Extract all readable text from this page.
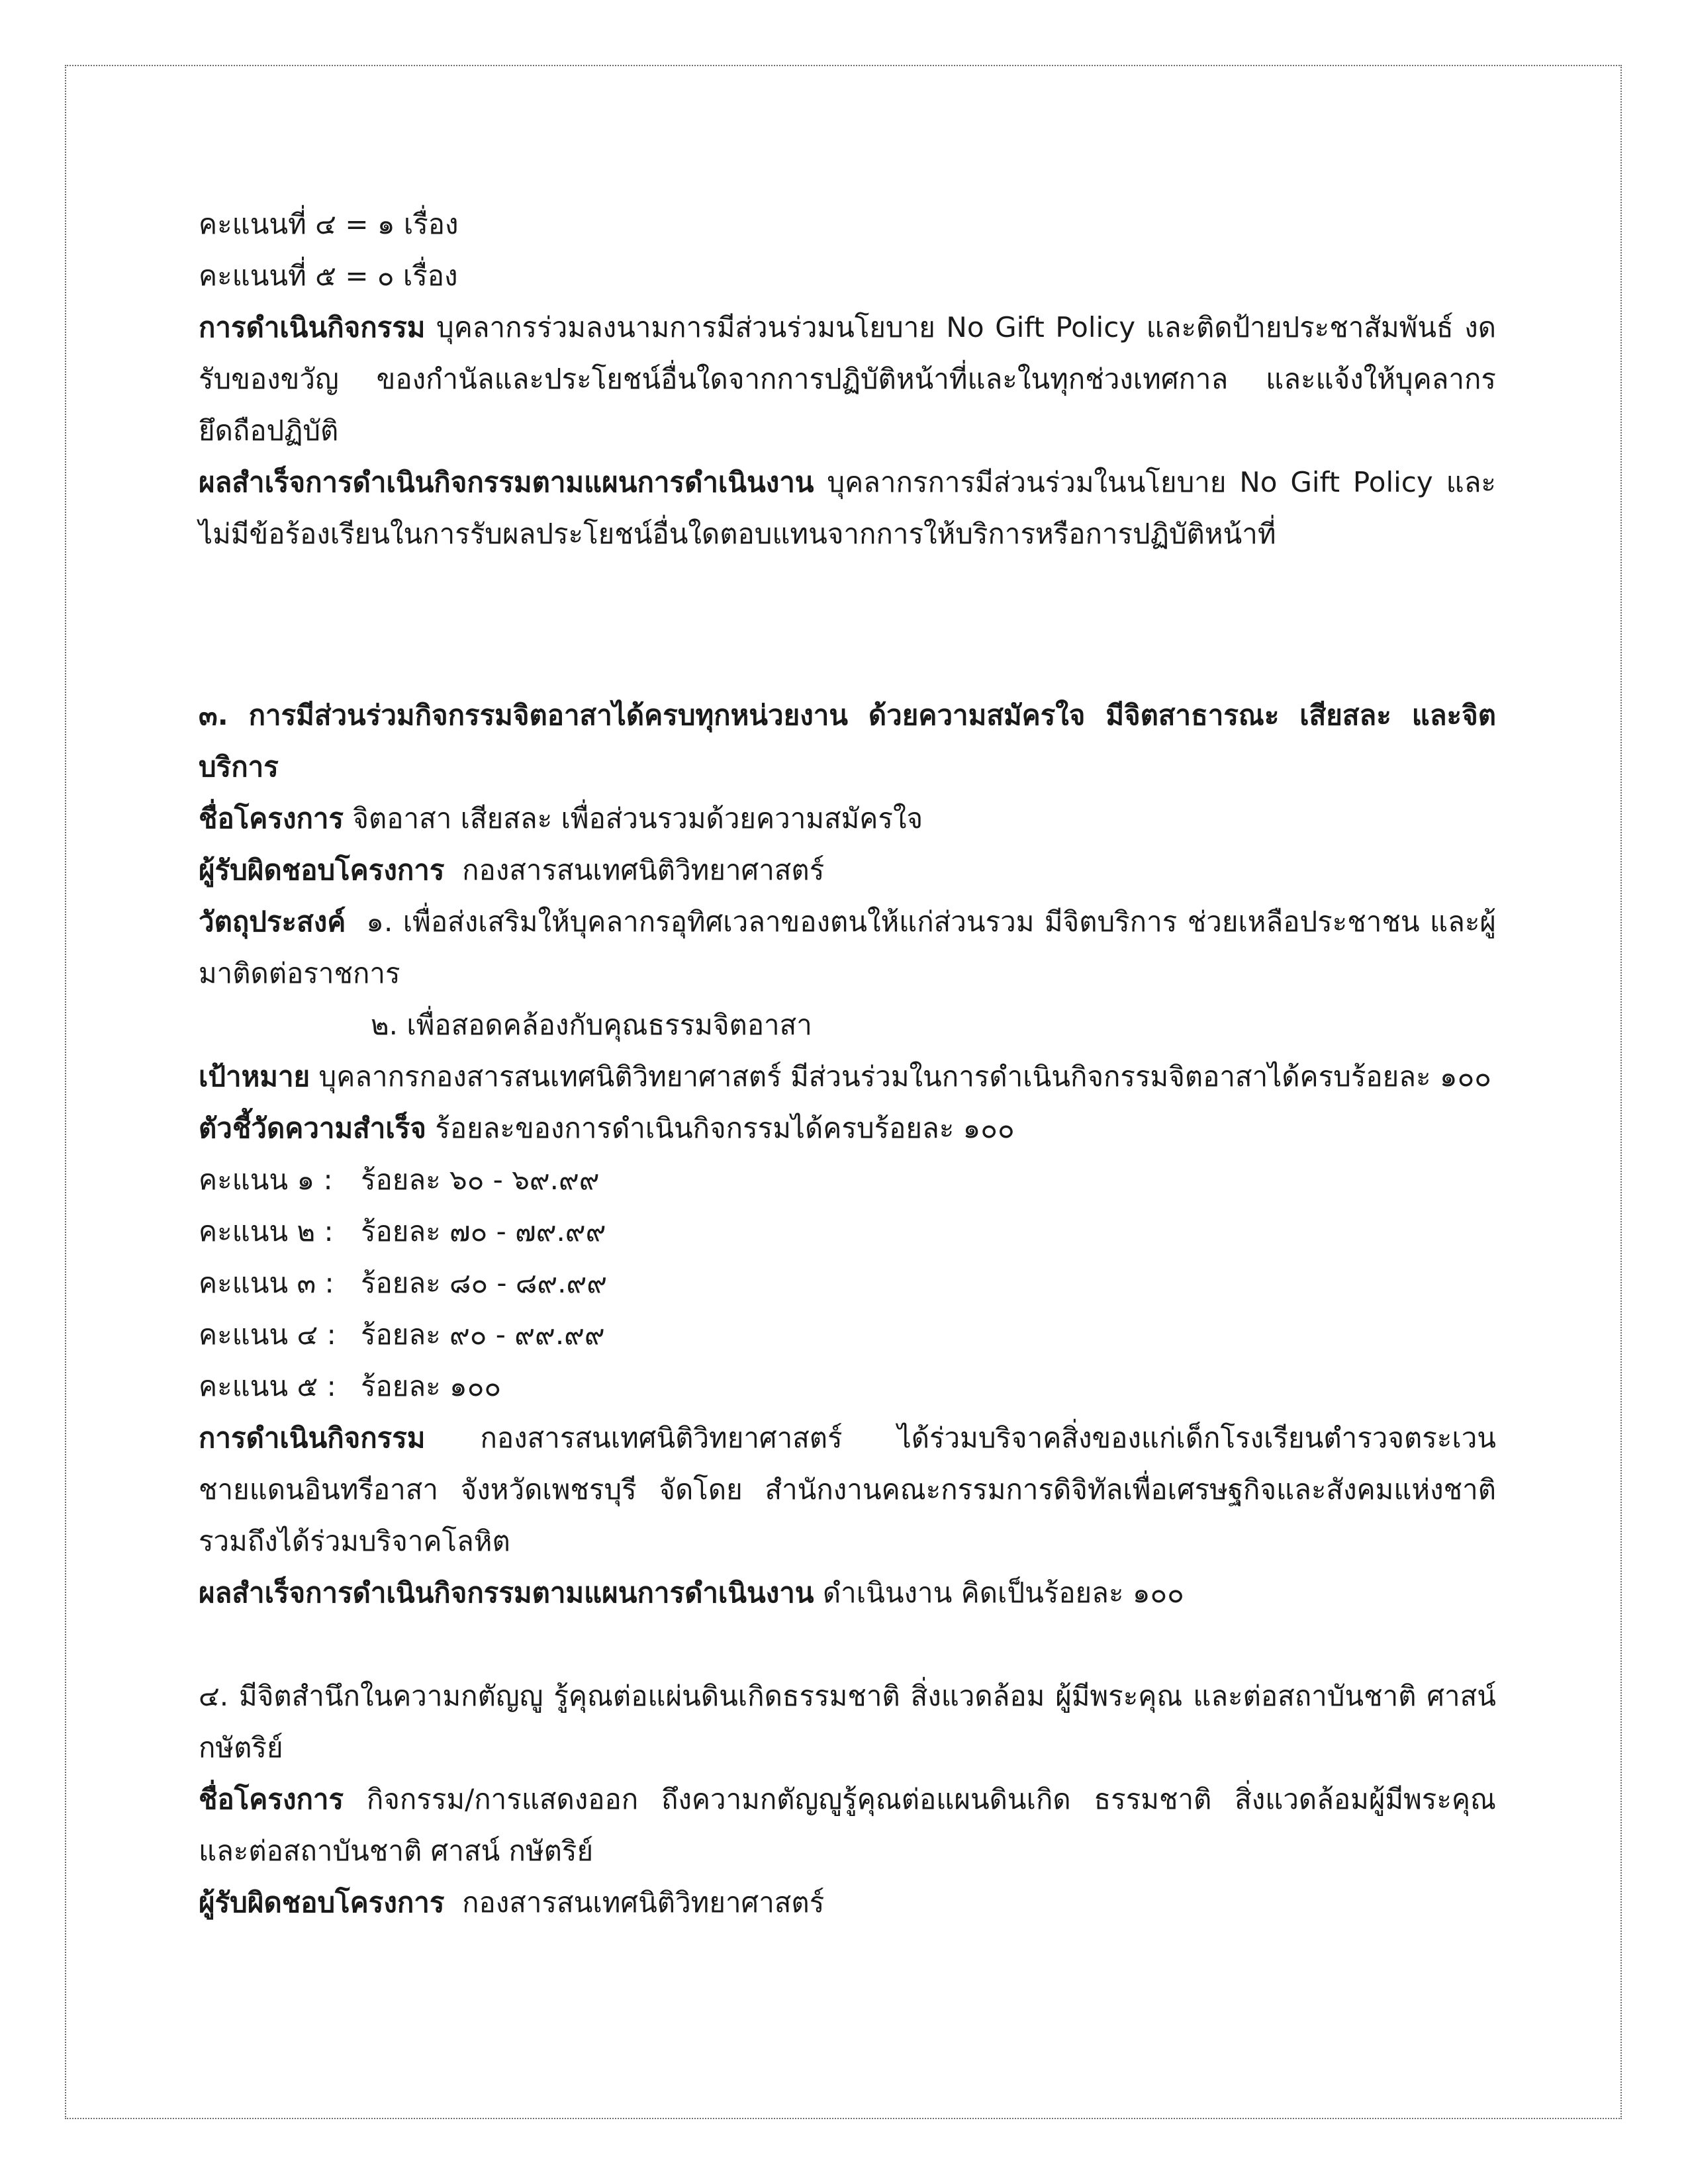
คะแนนที่ ๔ = ๑ เรื่อง

คะแนนที่ ๕ = ๐ เรื่อง

การดำเนินกิจกรรม บุคลากรร่วมลงนามการมีส่วนร่วมนโยบาย No Gift Policy และติดป้ายประชาสัมพันธ์ งดรับของขวัญ ของกำนัลและประโยชน์อื่นใดจากการปฏิบัติหน้าที่และในทุกช่วงเทศกาล และแจ้งให้บุคลากรยึดถือปฏิบัติ

ผลสำเร็จการดำเนินกิจกรรมตามแผนการดำเนินงาน บุคลากรการมีส่วนร่วมในนโยบาย No Gift Policy และไม่มีข้อร้องเรียนในการรับผลประโยชน์อื่นใดตอบแทนจากการให้บริการหรือการปฏิบัติหน้าที่

๓. การมีส่วนร่วมกิจกรรมจิตอาสาได้ครบทุกหน่วยงาน ด้วยความสมัครใจ มีจิตสาธารณะ เสียสละ และจิตบริการ

ชื่อโครงการ จิตอาสา เสียสละ เพื่อส่วนรวมด้วยความสมัครใจ

ผู้รับผิดชอบโครงการ กองสารสนเทศนิติวิทยาศาสตร์

วัตถุประสงค์ ๑. เพื่อส่งเสริมให้บุคลากรอุทิศเวลาของตนให้แก่ส่วนรวม มีจิตบริการ ช่วยเหลือประชาชน และผู้มาติดต่อราชการ

๒. เพื่อสอดคล้องกับคุณธรรมจิตอาสา

เป้าหมาย บุคลากรกองสารสนเทศนิติวิทยาศาสตร์ มีส่วนร่วมในการดำเนินกิจกรรมจิตอาสาได้ครบร้อยละ ๑๐๐

ตัวชี้วัดความสำเร็จ ร้อยละของการดำเนินกิจกรรมได้ครบร้อยละ ๑๐๐

คะแนน ๑ : ร้อยละ ๖๐ - ๖๙.๙๙
คะแนน ๒ : ร้อยละ ๗๐ - ๗๙.๙๙
คะแนน ๓ : ร้อยละ ๘๐ - ๘๙.๙๙
คะแนน ๔ : ร้อยละ ๙๐ - ๙๙.๙๙
คะแนน ๕ : ร้อยละ ๑๐๐

การดำเนินกิจกรรม กองสารสนเทศนิติวิทยาศาสตร์ ได้ร่วมบริจาคสิ่งของแก่เด็กโรงเรียนตำรวจตระเวนชายแดนอินทรีอาสา จังหวัดเพชรบุรี จัดโดย สำนักงานคณะกรรมการดิจิทัลเพื่อเศรษฐกิจและสังคมแห่งชาติ รวมถึงได้ร่วมบริจาคโลหิต

ผลสำเร็จการดำเนินกิจกรรมตามแผนการดำเนินงาน ดำเนินงาน คิดเป็นร้อยละ ๑๐๐

๔. มีจิตสำนึกในความกตัญญู รู้คุณต่อแผ่นดินเกิดธรรมชาติ สิ่งแวดล้อม ผู้มีพระคุณ และต่อสถาบันชาติ ศาสน์ กษัตริย์

ชื่อโครงการ กิจกรรม/การแสดงออก ถึงความกตัญญูรู้คุณต่อแผนดินเกิด ธรรมชาติ สิ่งแวดล้อมผู้มีพระคุณ และต่อสถาบันชาติ ศาสน์ กษัตริย์

ผู้รับผิดชอบโครงการ กองสารสนเทศนิติวิทยาศาสตร์
